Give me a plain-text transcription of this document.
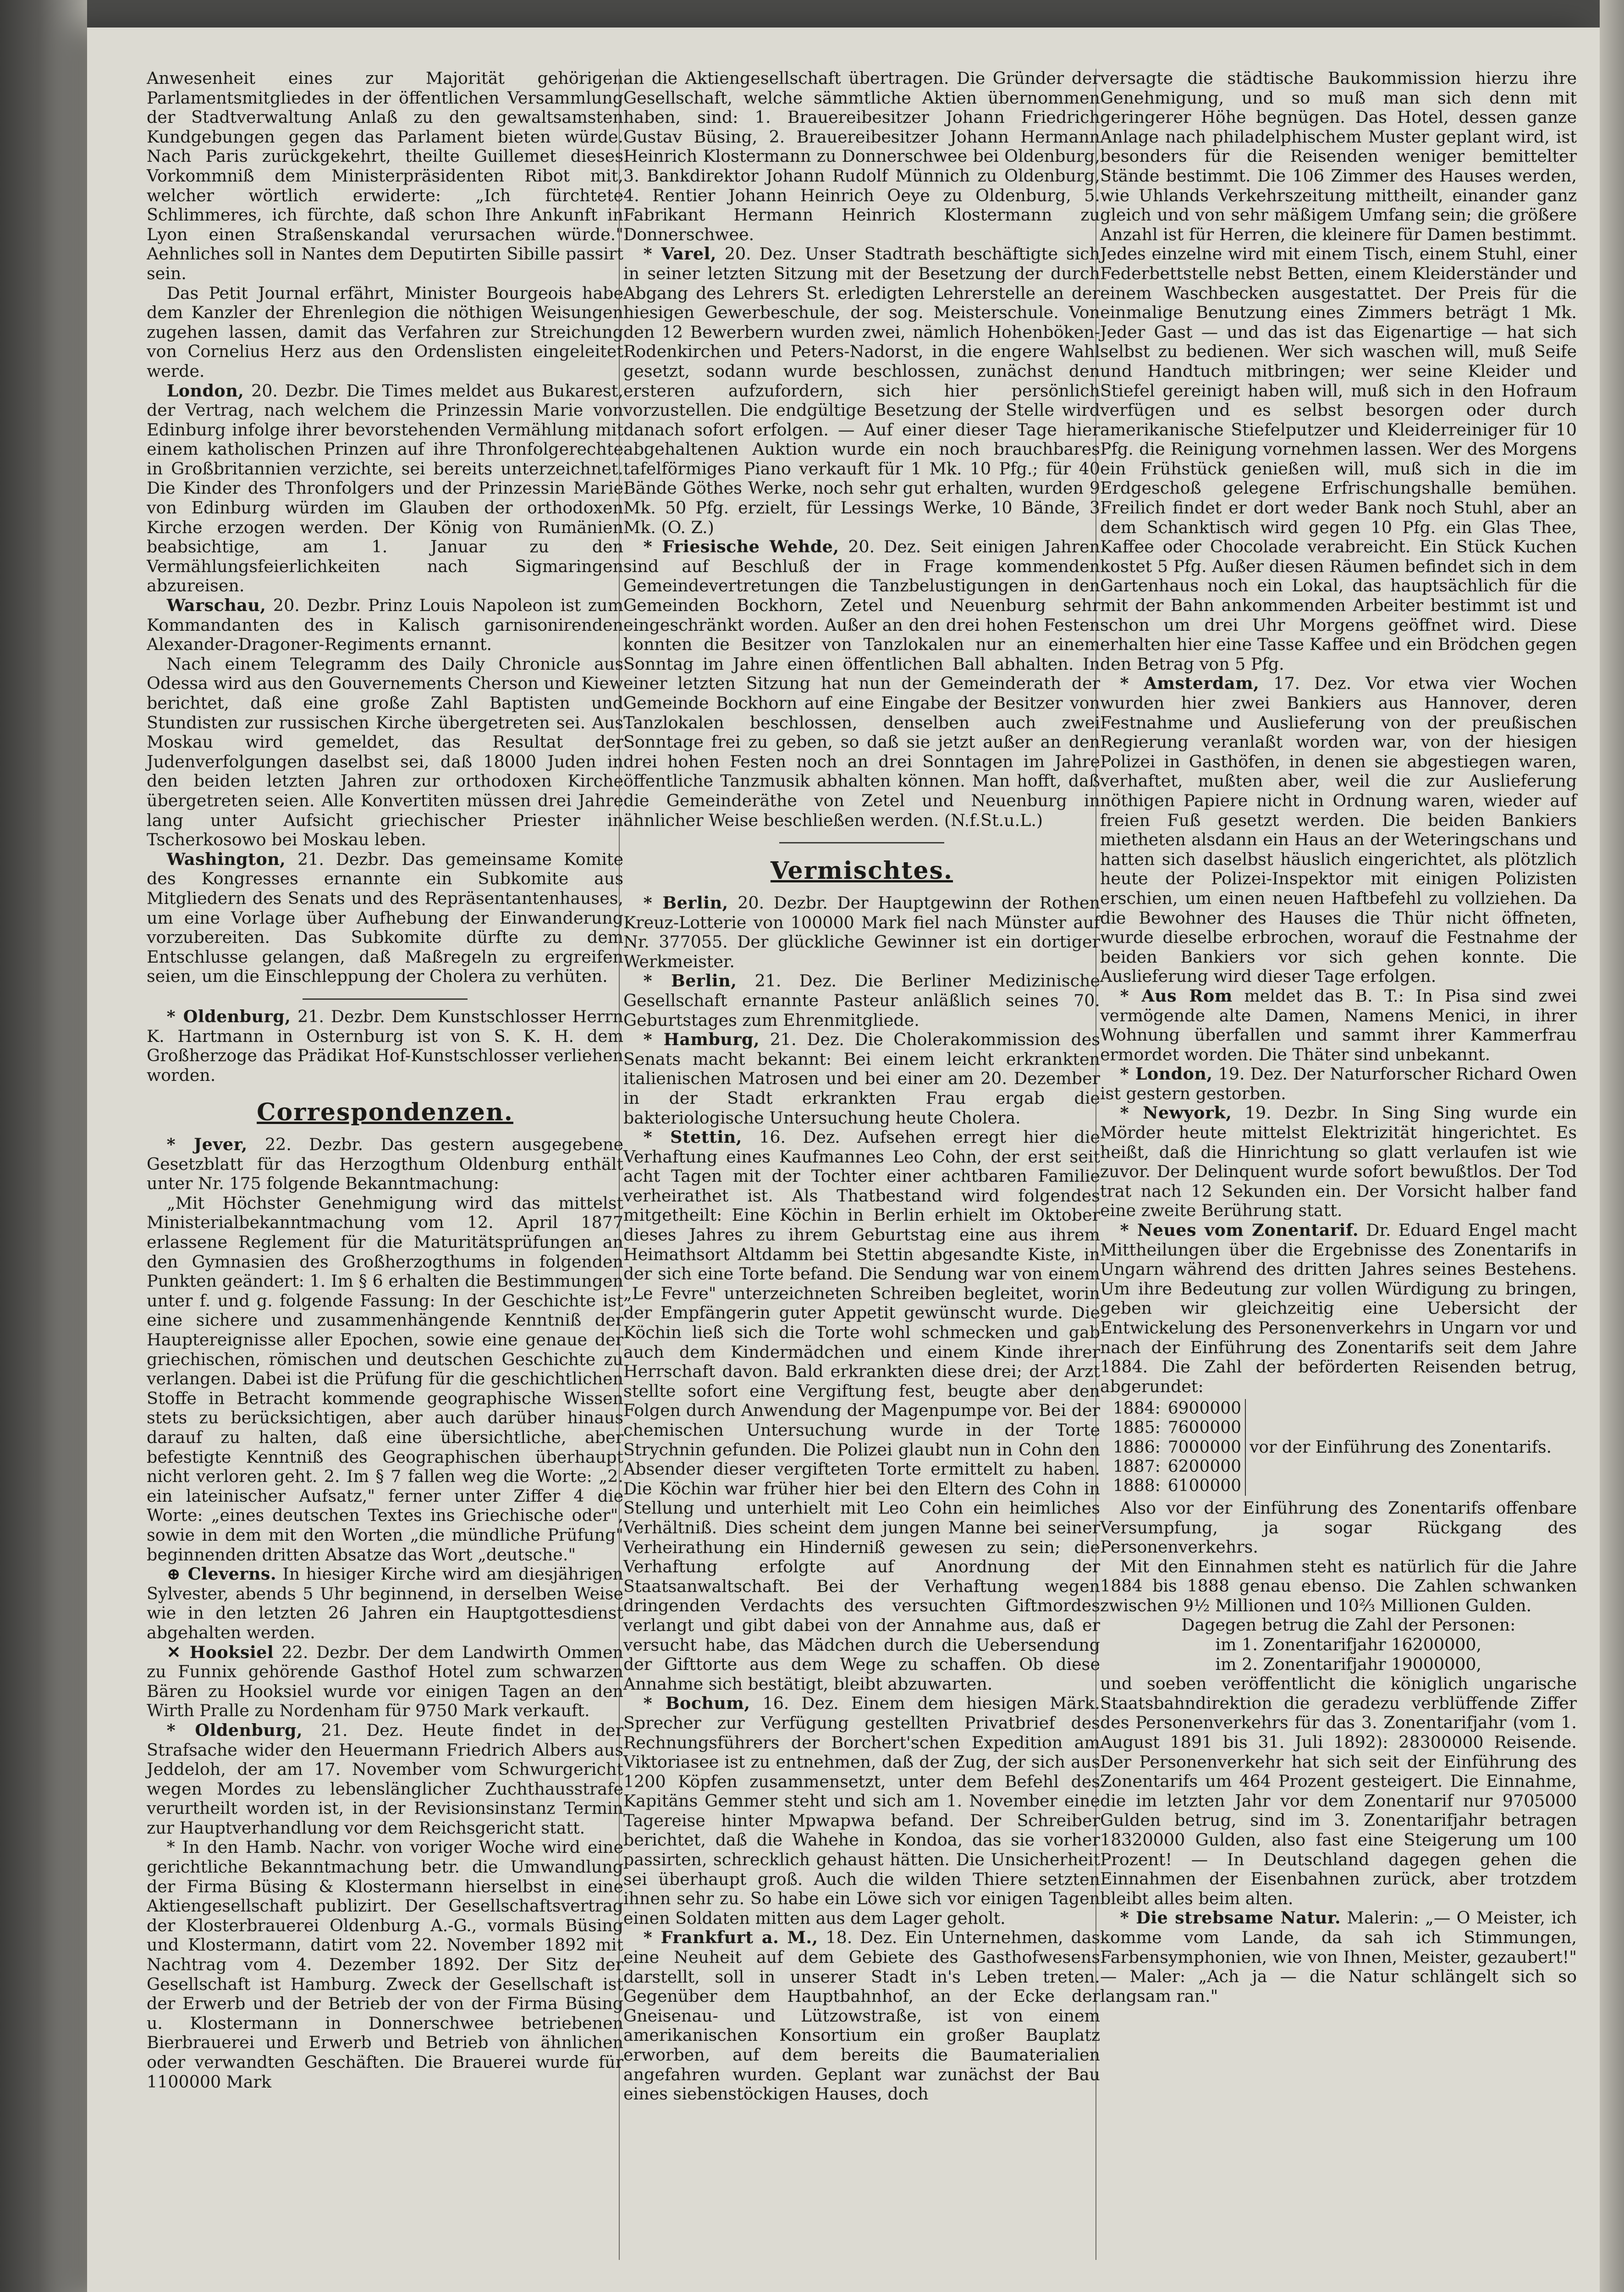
Anwesenheit eines zur Majorität gehörigen Parlamentsmitgliedes in der öffentlichen Versammlung der Stadtverwaltung Anlaß zu den gewaltsamsten Kundgebungen gegen das Parlament bieten würde. Nach Paris zurückgekehrt, theilte Guillemet dieses Vorkommniß dem Ministerpräsidenten Ribot mit, welcher wörtlich erwiderte: „Ich fürchtete Schlimmeres, ich fürchte, daß schon Ihre Ankunft in Lyon einen Straßenskandal verursachen würde." Aehnliches soll in Nantes dem Deputirten Sibille passirt sein.

Das Petit Journal erfährt, Minister Bourgeois habe dem Kanzler der Ehrenlegion die nöthigen Weisungen zugehen lassen, damit das Verfahren zur Streichung von Cornelius Herz aus den Ordenslisten eingeleitet werde.

London, 20. Dezbr. Die Times meldet aus Bukarest, der Vertrag, nach welchem die Prinzessin Marie von Edinburg infolge ihrer bevorstehenden Vermählung mit einem katholischen Prinzen auf ihre Thronfolgerechte in Großbritannien verzichte, sei bereits unterzeichnet. Die Kinder des Thronfolgers und der Prinzessin Marie von Edinburg würden im Glauben der orthodoxen Kirche erzogen werden. Der König von Rumänien beabsichtige, am 1. Januar zu den Vermählungsfeierlichkeiten nach Sigmaringen abzureisen.

Warschau, 20. Dezbr. Prinz Louis Napoleon ist zum Kommandanten des in Kalisch garnisonirenden Alexander-Dragoner-Regiments ernannt.

Nach einem Telegramm des Daily Chronicle aus Odessa wird aus den Gouvernements Cherson und Kiew berichtet, daß eine große Zahl Baptisten und Stundisten zur russischen Kirche übergetreten sei. Aus Moskau wird gemeldet, das Resultat der Judenverfolgungen daselbst sei, daß 18000 Juden in den beiden letzten Jahren zur orthodoxen Kirche übergetreten seien. Alle Konvertiten müssen drei Jahre lang unter Aufsicht griechischer Priester in Tscherkosowo bei Moskau leben.

Washington, 21. Dezbr. Das gemeinsame Komite des Kongresses ernannte ein Subkomite aus Mitgliedern des Senats und des Repräsentantenhauses, um eine Vorlage über Aufhebung der Einwanderung vorzubereiten. Das Subkomite dürfte zu dem Entschlusse gelangen, daß Maßregeln zu ergreifen seien, um die Einschleppung der Cholera zu verhüten.

* Oldenburg, 21. Dezbr. Dem Kunstschlosser Herrn K. Hartmann in Osternburg ist von S. K. H. dem Großherzoge das Prädikat Hof-Kunstschlosser verliehen worden.

Correspondenzen.

* Jever, 22. Dezbr. Das gestern ausgegebene Gesetzblatt für das Herzogthum Oldenburg enthält unter Nr. 175 folgende Bekanntmachung:

„Mit Höchster Genehmigung wird das mittelst Ministerialbekanntmachung vom 12. April 1877 erlassene Reglement für die Maturitätsprüfungen an den Gymnasien des Großherzogthums in folgenden Punkten geändert: 1. Im § 6 erhalten die Bestimmungen unter f. und g. folgende Fassung: In der Geschichte ist eine sichere und zusammenhängende Kenntniß der Hauptereignisse aller Epochen, sowie eine genaue der griechischen, römischen und deutschen Geschichte zu verlangen. Dabei ist die Prüfung für die geschichtlichen Stoffe in Betracht kommende geographische Wissen stets zu berücksichtigen, aber auch darüber hinaus darauf zu halten, daß eine übersichtliche, aber befestigte Kenntniß des Geographischen überhaupt nicht verloren geht. 2. Im § 7 fallen weg die Worte: „2. ein lateinischer Aufsatz," ferner unter Ziffer 4 die Worte: „eines deutschen Textes ins Griechische oder", sowie in dem mit den Worten „die mündliche Prüfung" beginnenden dritten Absatze das Wort „deutsche."

⊕ Cleverns. In hiesiger Kirche wird am diesjährigen Sylvester, abends 5 Uhr beginnend, in derselben Weise wie in den letzten 26 Jahren ein Hauptgottesdienst abgehalten werden.

✕ Hooksiel 22. Dezbr. Der dem Landwirth Ommen zu Funnix gehörende Gasthof Hotel zum schwarzen Bären zu Hooksiel wurde vor einigen Tagen an den Wirth Pralle zu Nordenham für 9750 Mark verkauft.

* Oldenburg, 21. Dez. Heute findet in der Strafsache wider den Heuermann Friedrich Albers aus Jeddeloh, der am 17. November vom Schwurgericht wegen Mordes zu lebenslänglicher Zuchthausstrafe verurtheilt worden ist, in der Revisionsinstanz Termin zur Hauptverhandlung vor dem Reichsgericht statt.

* In den Hamb. Nachr. von voriger Woche wird eine gerichtliche Bekanntmachung betr. die Umwandlung der Firma Büsing & Klostermann hierselbst in eine Aktiengesellschaft publizirt. Der Gesellschaftsvertrag der Klosterbrauerei Oldenburg A.-G., vormals Büsing und Klostermann, datirt vom 22. November 1892 mit Nachtrag vom 4. Dezember 1892. Der Sitz der Gesellschaft ist Hamburg. Zweck der Gesellschaft ist der Erwerb und der Betrieb der von der Firma Büsing u. Klostermann in Donnerschwee betriebenen Bierbrauerei und Erwerb und Betrieb von ähnlichen oder verwandten Geschäften. Die Brauerei wurde für 1100000 Mark

an die Aktiengesellschaft übertragen. Die Gründer der Gesellschaft, welche sämmtliche Aktien übernommen haben, sind: 1. Brauereibesitzer Johann Friedrich Gustav Büsing, 2. Brauereibesitzer Johann Hermann Heinrich Klostermann zu Donnerschwee bei Oldenburg, 3. Bankdirektor Johann Rudolf Münnich zu Oldenburg, 4. Rentier Johann Heinrich Oeye zu Oldenburg, 5. Fabrikant Hermann Heinrich Klostermann zu Donnerschwee.

* Varel, 20. Dez. Unser Stadtrath beschäftigte sich in seiner letzten Sitzung mit der Besetzung der durch Abgang des Lehrers St. erledigten Lehrerstelle an der hiesigen Gewerbeschule, der sog. Meisterschule. Von den 12 Bewerbern wurden zwei, nämlich Hohenböken-Rodenkirchen und Peters-Nadorst, in die engere Wahl gesetzt, sodann wurde beschlossen, zunächst den ersteren aufzufordern, sich hier persönlich vorzustellen. Die endgültige Besetzung der Stelle wird danach sofort erfolgen. — Auf einer dieser Tage hier abgehaltenen Auktion wurde ein noch brauchbares tafelförmiges Piano verkauft für 1 Mk. 10 Pfg.; für 40 Bände Göthes Werke, noch sehr gut erhalten, wurden 9 Mk. 50 Pfg. erzielt, für Lessings Werke, 10 Bände, 3 Mk. (O. Z.)

* Friesische Wehde, 20. Dez. Seit einigen Jahren sind auf Beschluß der in Frage kommenden Gemeindevertretungen die Tanzbelustigungen in den Gemeinden Bockhorn, Zetel und Neuenburg sehr eingeschränkt worden. Außer an den drei hohen Festen konnten die Besitzer von Tanzlokalen nur an einem Sonntag im Jahre einen öffentlichen Ball abhalten. In einer letzten Sitzung hat nun der Gemeinderath der Gemeinde Bockhorn auf eine Eingabe der Besitzer von Tanzlokalen beschlossen, denselben auch zwei Sonntage frei zu geben, so daß sie jetzt außer an den drei hohen Festen noch an drei Sonntagen im Jahre öffentliche Tanzmusik abhalten können. Man hofft, daß die Gemeinderäthe von Zetel und Neuenburg in ähnlicher Weise beschließen werden. (N.f.St.u.L.)

Vermischtes.

* Berlin, 20. Dezbr. Der Hauptgewinn der Rothen Kreuz-Lotterie von 100000 Mark fiel nach Münster auf Nr. 377055. Der glückliche Gewinner ist ein dortiger Werkmeister.

* Berlin, 21. Dez. Die Berliner Medizinische Gesellschaft ernannte Pasteur anläßlich seines 70. Geburtstages zum Ehrenmitgliede.

* Hamburg, 21. Dez. Die Cholerakommission des Senats macht bekannt: Bei einem leicht erkrankten italienischen Matrosen und bei einer am 20. Dezember in der Stadt erkrankten Frau ergab die bakteriologische Untersuchung heute Cholera.

* Stettin, 16. Dez. Aufsehen erregt hier die Verhaftung eines Kaufmannes Leo Cohn, der erst seit acht Tagen mit der Tochter einer achtbaren Familie verheirathet ist. Als Thatbestand wird folgendes mitgetheilt: Eine Köchin in Berlin erhielt im Oktober dieses Jahres zu ihrem Geburtstag eine aus ihrem Heimathsort Altdamm bei Stettin abgesandte Kiste, in der sich eine Torte befand. Die Sendung war von einem „Le Fevre" unterzeichneten Schreiben begleitet, worin der Empfängerin guter Appetit gewünscht wurde. Die Köchin ließ sich die Torte wohl schmecken und gab auch dem Kindermädchen und einem Kinde ihrer Herrschaft davon. Bald erkrankten diese drei; der Arzt stellte sofort eine Vergiftung fest, beugte aber den Folgen durch Anwendung der Magenpumpe vor. Bei der chemischen Untersuchung wurde in der Torte Strychnin gefunden. Die Polizei glaubt nun in Cohn den Absender dieser vergifteten Torte ermittelt zu haben. Die Köchin war früher hier bei den Eltern des Cohn in Stellung und unterhielt mit Leo Cohn ein heimliches Verhältniß. Dies scheint dem jungen Manne bei seiner Verheirathung ein Hinderniß gewesen zu sein; die Verhaftung erfolgte auf Anordnung der Staatsanwaltschaft. Bei der Verhaftung wegen dringenden Verdachts des versuchten Giftmordes verlangt und gibt dabei von der Annahme aus, daß er versucht habe, das Mädchen durch die Uebersendung der Gifttorte aus dem Wege zu schaffen. Ob diese Annahme sich bestätigt, bleibt abzuwarten.

* Bochum, 16. Dez. Einem dem hiesigen Märk. Sprecher zur Verfügung gestellten Privatbrief des Rechnungsführers der Borchert'schen Expedition am Viktoriasee ist zu entnehmen, daß der Zug, der sich aus 1200 Köpfen zusammensetzt, unter dem Befehl des Kapitäns Gemmer steht und sich am 1. November eine Tagereise hinter Mpwapwa befand. Der Schreiber berichtet, daß die Wahehe in Kondoa, das sie vorher passirten, schrecklich gehaust hätten. Die Unsicherheit sei überhaupt groß. Auch die wilden Thiere setzten ihnen sehr zu. So habe ein Löwe sich vor einigen Tagen einen Soldaten mitten aus dem Lager geholt.

* Frankfurt a. M., 18. Dez. Ein Unternehmen, das eine Neuheit auf dem Gebiete des Gasthofwesens darstellt, soll in unserer Stadt in's Leben treten. Gegenüber dem Hauptbahnhof, an der Ecke der Gneisenau- und Lützowstraße, ist von einem amerikanischen Konsortium ein großer Bauplatz erworben, auf dem bereits die Baumaterialien angefahren wurden. Geplant war zunächst der Bau eines siebenstöckigen Hauses, doch

versagte die städtische Baukommission hierzu ihre Genehmigung, und so muß man sich denn mit geringerer Höhe begnügen. Das Hotel, dessen ganze Anlage nach philadelphischem Muster geplant wird, ist besonders für die Reisenden weniger bemittelter Stände bestimmt. Die 106 Zimmer des Hauses werden, wie Uhlands Verkehrszeitung mittheilt, einander ganz gleich und von sehr mäßigem Umfang sein; die größere Anzahl ist für Herren, die kleinere für Damen bestimmt. Jedes einzelne wird mit einem Tisch, einem Stuhl, einer Federbettstelle nebst Betten, einem Kleiderständer und einem Waschbecken ausgestattet. Der Preis für die einmalige Benutzung eines Zimmers beträgt 1 Mk. Jeder Gast — und das ist das Eigenartige — hat sich selbst zu bedienen. Wer sich waschen will, muß Seife und Handtuch mitbringen; wer seine Kleider und Stiefel gereinigt haben will, muß sich in den Hofraum verfügen und es selbst besorgen oder durch amerikanische Stiefelputzer und Kleiderreiniger für 10 Pfg. die Reinigung vornehmen lassen. Wer des Morgens ein Frühstück genießen will, muß sich in die im Erdgeschoß gelegene Erfrischungshalle bemühen. Freilich findet er dort weder Bank noch Stuhl, aber an dem Schanktisch wird gegen 10 Pfg. ein Glas Thee, Kaffee oder Chocolade verabreicht. Ein Stück Kuchen kostet 5 Pfg. Außer diesen Räumen befindet sich in dem Gartenhaus noch ein Lokal, das hauptsächlich für die mit der Bahn ankommenden Arbeiter bestimmt ist und schon um drei Uhr Morgens geöffnet wird. Diese erhalten hier eine Tasse Kaffee und ein Brödchen gegen den Betrag von 5 Pfg.

* Amsterdam, 17. Dez. Vor etwa vier Wochen wurden hier zwei Bankiers aus Hannover, deren Festnahme und Auslieferung von der preußischen Regierung veranlaßt worden war, von der hiesigen Polizei in Gasthöfen, in denen sie abgestiegen waren, verhaftet, mußten aber, weil die zur Auslieferung nöthigen Papiere nicht in Ordnung waren, wieder auf freien Fuß gesetzt werden. Die beiden Bankiers mietheten alsdann ein Haus an der Weteringschans und hatten sich daselbst häuslich eingerichtet, als plötzlich heute der Polizei-Inspektor mit einigen Polizisten erschien, um einen neuen Haftbefehl zu vollziehen. Da die Bewohner des Hauses die Thür nicht öffneten, wurde dieselbe erbrochen, worauf die Festnahme der beiden Bankiers vor sich gehen konnte. Die Auslieferung wird dieser Tage erfolgen.

* Aus Rom meldet das B. T.: In Pisa sind zwei vermögende alte Damen, Namens Menici, in ihrer Wohnung überfallen und sammt ihrer Kammerfrau ermordet worden. Die Thäter sind unbekannt.

* London, 19. Dez. Der Naturforscher Richard Owen ist gestern gestorben.

* Newyork, 19. Dezbr. In Sing Sing wurde ein Mörder heute mittelst Elektrizität hingerichtet. Es heißt, daß die Hinrichtung so glatt verlaufen ist wie zuvor. Der Delinquent wurde sofort bewußtlos. Der Tod trat nach 12 Sekunden ein. Der Vorsicht halber fand eine zweite Berührung statt.

* Neues vom Zonentarif. Dr. Eduard Engel macht Mittheilungen über die Ergebnisse des Zonentarifs in Ungarn während des dritten Jahres seines Bestehens. Um ihre Bedeutung zur vollen Würdigung zu bringen, geben wir gleichzeitig eine Uebersicht der Entwickelung des Personenverkehrs in Ungarn vor und nach der Einführung des Zonentarifs seit dem Jahre 1884. Die Zahl der beförderten Reisenden betrug, abgerundet:

1884:	6900000	vor der Einführung des Zonentarifs.
1885:	7600000	
1886:	7000000	
1887:	6200000	
1888:	6100000	

Also vor der Einführung des Zonentarifs offenbare Versumpfung, ja sogar Rückgang des Personenverkehrs.

Mit den Einnahmen steht es natürlich für die Jahre 1884 bis 1888 genau ebenso. Die Zahlen schwanken zwischen 9½ Millionen und 10⅔ Millionen Gulden.

Dagegen betrug die Zahl der Personen:

im 1. Zonentarifjahr 16200000,

im 2. Zonentarifjahr 19000000,

und soeben veröffentlicht die königlich ungarische Staatsbahndirektion die geradezu verblüffende Ziffer des Personenverkehrs für das 3. Zonentarifjahr (vom 1. August 1891 bis 31. Juli 1892): 28300000 Reisende. Der Personenverkehr hat sich seit der Einführung des Zonentarifs um 464 Prozent gesteigert. Die Einnahme, die im letzten Jahr vor dem Zonentarif nur 9705000 Gulden betrug, sind im 3. Zonentarifjahr betragen 18320000 Gulden, also fast eine Steigerung um 100 Prozent! — In Deutschland dagegen gehen die Einnahmen der Eisenbahnen zurück, aber trotzdem bleibt alles beim alten.

* Die strebsame Natur. Malerin: „— O Meister, ich komme vom Lande, da sah ich Stimmungen, Farbensymphonien, wie von Ihnen, Meister, gezaubert!" — Maler: „Ach ja — die Natur schlängelt sich so langsam ran."
